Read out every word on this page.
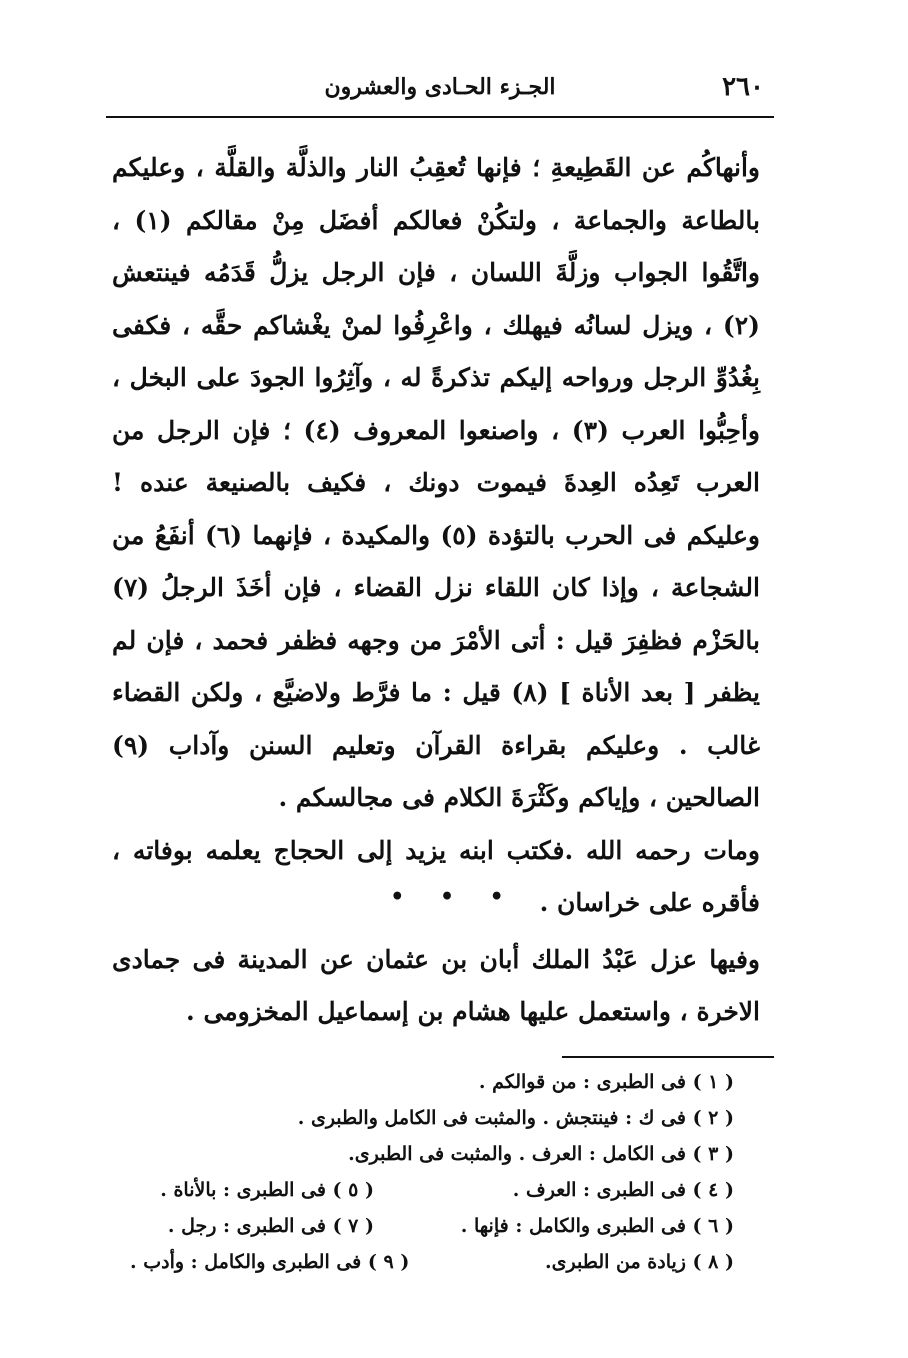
٢٦٠
الجـزء الحـادى والعشرون

وأنهاكُم عن القَطِيعةِ ؛ فإنها تُعقِبُ النار والذلَّة والقلَّة ، وعليكم بالطاعة والجماعة ، ولتكُنْ فعالكم أفضَل مِنْ مقالكم (١) ، واتَّقُوا الجواب وزلَّةَ اللسان ، فإن الرجل يزلُّ قَدَمُه فينتعش (٢) ، ويزل لسانُه فيهلك ، واعْرِفُوا لمنْ يغْشاكم حقَّه ، فكفى بِغُدُوِّ الرجل ورواحه إليكم تذكرةً له ، وآثِرُوا الجودَ على البخل ، وأحِبُّوا العرب (٣) ، واصنعوا المعروف (٤) ؛ فإن الرجل من العرب تَعِدُه العِدةَ فيموت دونك ، فكيف بالصنيعة عنده ! وعليكم فى الحرب بالتؤدة (٥) والمكيدة ، فإنهما (٦) أنفَعُ من الشجاعة ، وإذا كان اللقاء نزل القضاء ، فإن أخَذَ الرجلُ (٧) بالحَزْم فظفِرَ قيل : أتى الأمْرَ من وجهه فظفر فحمد ، فإن لم يظفر [ بعد الأناة ] (٨) قيل : ما فرَّط ولاضيَّع ، ولكن القضاء غالب . وعليكم بقراءة القرآن وتعليم السنن وآداب (٩) الصالحين ، وإياكم وكَثْرَةَ الكلام فى مجالسكم .

ومات رحمه الله .فكتب ابنه يزيد إلى الحجاج يعلمه بوفاته ، فأقره على خراسان .

• • •

وفيها عزل عَبْدُ الملك أبان بن عثمان عن المدينة فى جمادى الاخرة ، واستعمل عليها هشام بن إسماعيل المخزومى .

( ١ ) فى الطبرى : من قوالكم .
( ٢ ) فى ك : فينتجش . والمثبت فى الكامل والطبرى .
( ٣ ) فى الكامل : العرف . والمثبت فى الطبرى.
( ٤ ) فى الطبرى : العرف .
( ٥ ) فى الطبرى : بالأناة .
( ٦ ) فى الطبرى والكامل : فإنها .
( ٧ ) فى الطبرى : رجل .
( ٨ ) زيادة من الطبرى.
( ٩ ) فى الطبرى والكامل : وأدب .
